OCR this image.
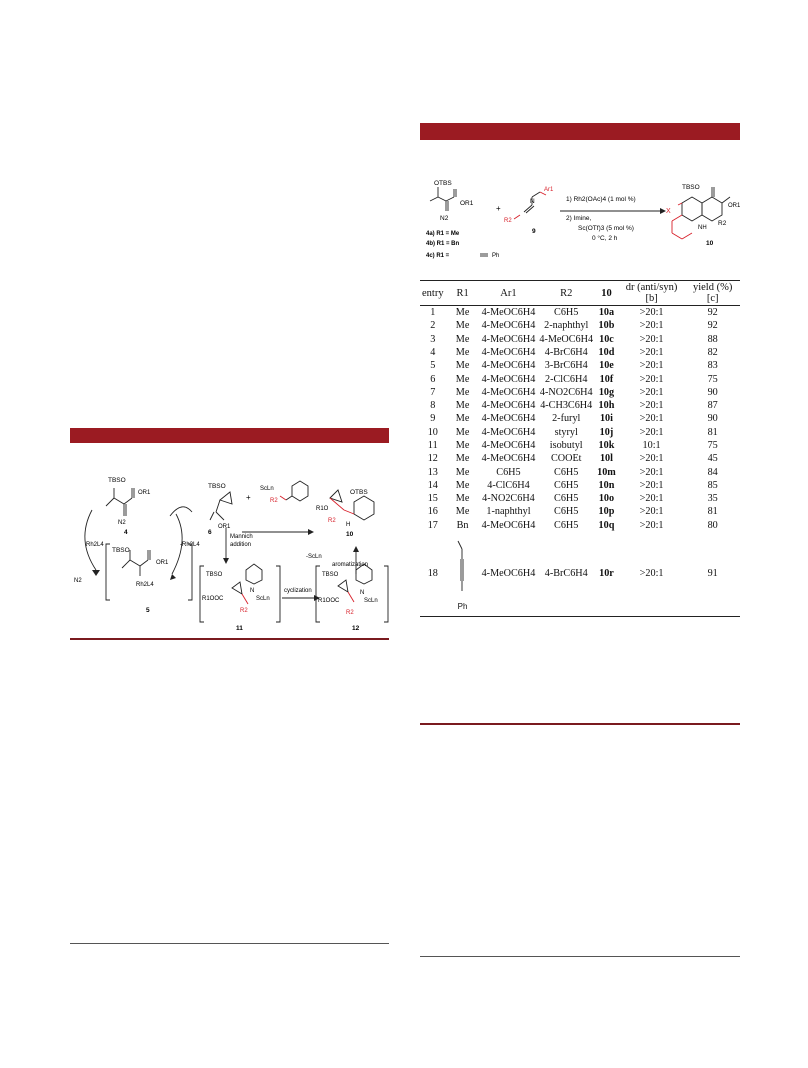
OTBS
OR1
N2
4a) R1 = Me
4b) R1 = Bn
4c) R1 =	Ph
+
Ar1
R2
N
9
1) Rh2(OAc)4 (1 mol %)
2) Imine,
Sc(OTf)3 (5 mol %)
0 °C, 2 h
TBSO
X
OR1
NH
R2
10
entry	R1	Ar1	R2	10	dr (anti/syn)[b]	yield (%)[c]
1	Me	4-MeOC6H4	C6H5	10a	>20:1	92
2	Me	4-MeOC6H4	2-naphthyl	10b	>20:1	92
3	Me	4-MeOC6H4	4-MeOC6H4	10c	>20:1	88
4	Me	4-MeOC6H4	4-BrC6H4	10d	>20:1	82
5	Me	4-MeOC6H4	3-BrC6H4	10e	>20:1	83
6	Me	4-MeOC6H4	2-ClC6H4	10f	>20:1	75
7	Me	4-MeOC6H4	4-NO2C6H4	10g	>20:1	90
8	Me	4-MeOC6H4	4-CH3C6H4	10h	>20:1	87
9	Me	4-MeOC6H4	2-furyl	10i	>20:1	90
10	Me	4-MeOC6H4	styryl	10j	>20:1	81
11	Me	4-MeOC6H4	isobutyl	10k	10:1	75
12	Me	4-MeOC6H4	COOEt	10l	>20:1	45
13	Me	C6H5	C6H5	10m	>20:1	84
14	Me	4-ClC6H4	C6H5	10n	>20:1	85
15	Me	4-NO2C6H4	C6H5	10o	>20:1	35
16	Me	1-naphthyl	C6H5	10p	>20:1	81
17	Bn	4-MeOC6H4	C6H5	10q	>20:1	80
18	Ph	4-MeOC6H4	4-BrC6H4	10r	>20:1	91
TBSO
OR1
N2
4
Rh2L4
N2
-Rh2L4
TBSO
OR1
Rh2L4
5
TBSO
OR1
6
+
ScLn
R2
R1O
OTBS
R2
H
10
Mannich
addition
-ScLn
aromatization
TBSO
R1OOC
N
ScLn
R2
11
cyclization
TBSO
R1OOC
N
ScLn
R2
12
